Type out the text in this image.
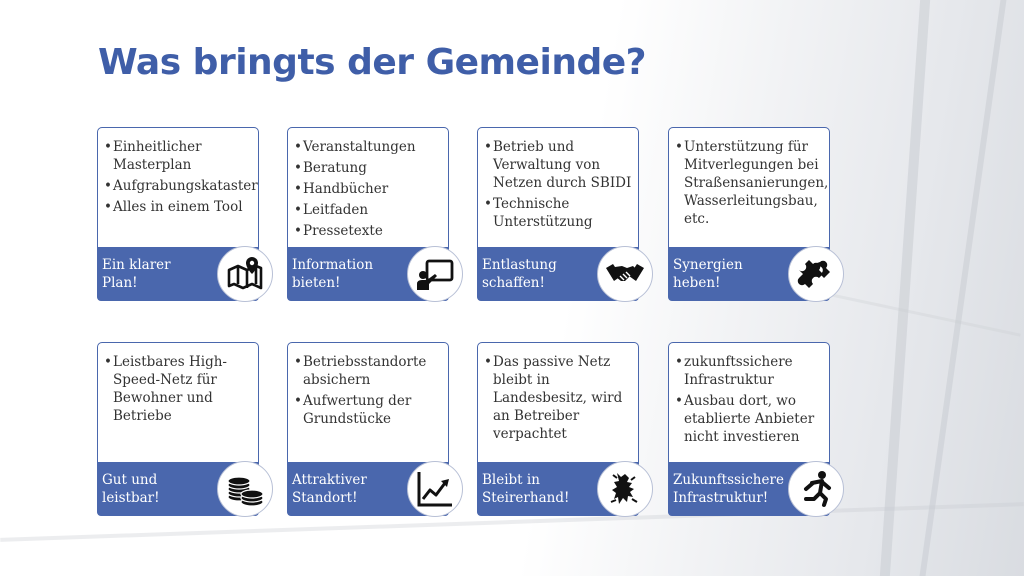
Was bringts der Gemeinde?
• Einheitlicher Masterplan
• Aufgrabungskataster
• Alles in einem Tool
Ein klarer Plan!
• Veranstaltungen
• Beratung
• Handbücher
• Leitfaden
• Pressetexte
Information bieten!
• Betrieb und Verwaltung von Netzen durch SBIDI
• Technische Unterstützung
Entlastung schaffen!
• Unterstützung für Mitverlegungen bei Straßensanierungen, Wasserleitungsbau, etc.
Synergien heben!
• Leistbares High-Speed-Netz für Bewohner und Betriebe
Gut und leistbar!
• Betriebsstandorte absichern
• Aufwertung der Grundstücke
Attraktiver Standort!
• Das passive Netz bleibt in Landesbesitz, wird an Betreiber verpachtet
Bleibt in Steirerhand!
• zukunftssichere Infrastruktur
• Ausbau dort, wo etablierte Anbieter nicht investieren
Zukunftssichere Infrastruktur!
